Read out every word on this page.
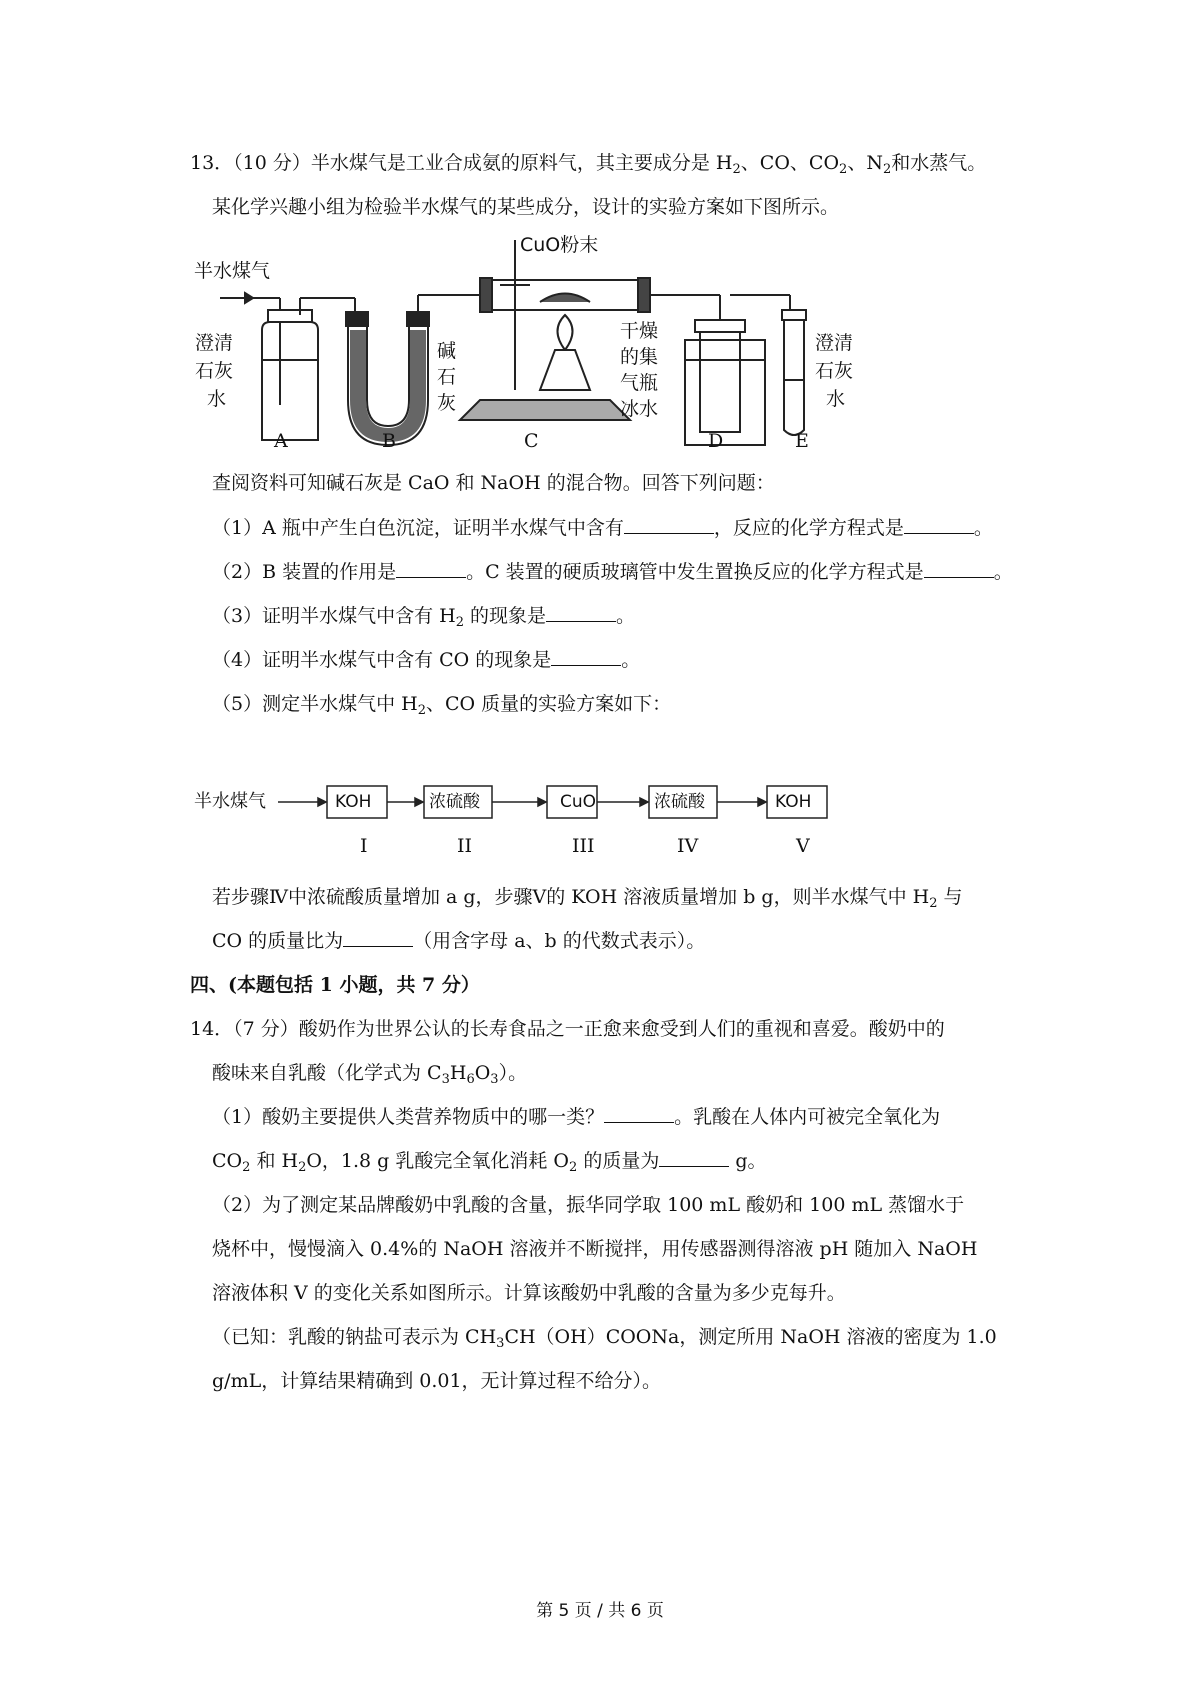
13．（10 分）半水煤气是工业合成氨的原料气，其主要成分是 $H_2$、CO、$CO_2$、$N_2$和水蒸气。
某化学兴趣小组为检验半水煤气的某些成分，设计的实验方案如下图所示。
半水煤气
CuO粉末
澄清
石灰
水
碱
石
灰
干燥
的集
气瓶
冰水
澄清
石灰
水
A	B	C	D	E
查阅资料可知碱石灰是 CaO 和 NaOH 的混合物。回答下列问题：
（1）A 瓶中产生白色沉淀，证明半水煤气中含有	，反应的化学方程式是	。
（2）B 装置的作用是	。C 装置的硬质玻璃管中发生置换反应的化学方程式是	。
（3）证明半水煤气中含有 $H_2$ 的现象是	。
（4）证明半水煤气中含有 CO 的现象是	。
（5）测定半水煤气中 $H_2$、CO 质量的实验方案如下：
半水煤气	KOH	浓硫酸	CuO	浓硫酸	KOH
I	II	III	IV	V
若步骤Ⅳ中浓硫酸质量增加 a g，步骤Ⅴ的 KOH 溶液质量增加 b g，则半水煤气中 $H_2$ 与
CO 的质量比为	（用含字母 a、b 的代数式表示）。
四、(本题包括 1 小题，共 7 分）
14．（7 分）酸奶作为世界公认的长寿食品之一正愈来愈受到人们的重视和喜爱。酸奶中的
酸味来自乳酸（化学式为 $C_3H_6O_3$）。
（1）酸奶主要提供人类营养物质中的哪一类？	。乳酸在人体内可被完全氧化为
$CO_2$ 和 $H_2O$，1.8 g 乳酸完全氧化消耗 $O_2$ 的质量为	g。
（2）为了测定某品牌酸奶中乳酸的含量，振华同学取 100 mL 酸奶和 100 mL 蒸馏水于
烧杯中，慢慢滴入 0.4%的 NaOH 溶液并不断搅拌，用传感器测得溶液 pH 随加入 NaOH
溶液体积 V 的变化关系如图所示。计算该酸奶中乳酸的含量为多少克每升。
（已知：乳酸的钠盐可表示为 $CH_3CH(OH)COONa$，测定所用 NaOH 溶液的密度为 1.0
g/mL，计算结果精确到 0.01，无计算过程不给分）。
第 5 页 / 共 6 页
